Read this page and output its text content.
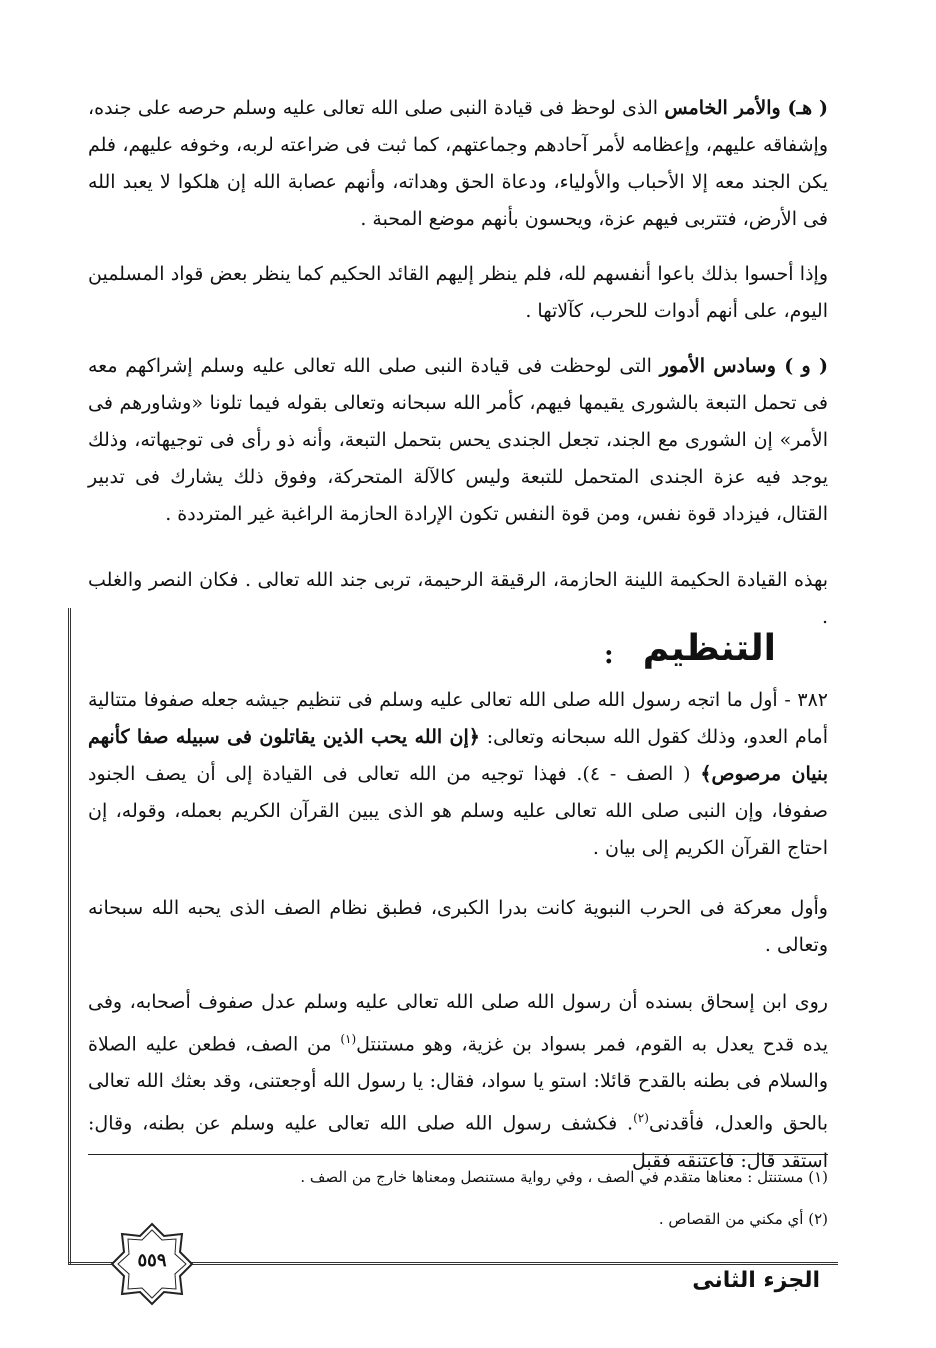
( هـ) والأمر الخامس الذى لوحظ فى قيادة النبى صلى الله تعالى عليه وسلم حرصه على جنده، وإشفاقه عليهم، وإعظامه لأمر آحادهم وجماعتهم، كما ثبت فى ضراعته لربه، وخوفه عليهم، فلم يكن الجند معه إلا الأحباب والأولياء، ودعاة الحق وهداته، وأنهم عصابة الله إن هلكوا لا يعبد الله فى الأرض، فتتربى فيهم عزة، ويحسون بأنهم موضع المحبة .

وإذا أحسوا بذلك باعوا أنفسهم لله، فلم ينظر إليهم القائد الحكيم كما ينظر بعض قواد المسلمين اليوم، على أنهم أدوات للحرب، كآلاتها .

( و ) وسادس الأمور التى لوحظت فى قيادة النبى صلى الله تعالى عليه وسلم إشراكهم معه فى تحمل التبعة بالشورى يقيمها فيهم، كأمر الله سبحانه وتعالى بقوله فيما تلونا «وشاورهم فى الأمر» إن الشورى مع الجند، تجعل الجندى يحس بتحمل التبعة، وأنه ذو رأى فى توجيهاته، وذلك يوجد فيه عزة الجندى المتحمل للتبعة وليس كالآلة المتحركة، وفوق ذلك يشارك فى تدبير القتال، فيزداد قوة نفس، ومن قوة النفس تكون الإرادة الحازمة الراغبة غير المترددة .

بهذه القيادة الحكيمة اللينة الحازمة، الرقيقة الرحيمة، تربى جند الله تعالى . فكان النصر والغلب .

التنظيم
:

٣٨٢ - أول ما اتجه رسول الله صلى الله تعالى عليه وسلم فى تنظيم جيشه جعله صفوفا متتالية أمام العدو، وذلك كقول الله سبحانه وتعالى: ﴿إن الله يحب الذين يقاتلون فى سبيله صفا كأنهم بنيان مرصوص﴾ ( الصف - ٤). فهذا توجيه من الله تعالى فى القيادة إلى أن يصف الجنود صفوفا، وإن النبى صلى الله تعالى عليه وسلم هو الذى يبين القرآن الكريم بعمله، وقوله، إن احتاج القرآن الكريم إلى بيان .

وأول معركة فى الحرب النبوية كانت بدرا الكبرى، فطبق نظام الصف الذى يحبه الله سبحانه وتعالى .

روى ابن إسحاق بسنده أن رسول الله صلى الله تعالى عليه وسلم عدل صفوف أصحابه، وفى يده قدح يعدل به القوم، فمر بسواد بن غزية، وهو مستنتل$^{(١)}$ من الصف، فطعن عليه الصلاة والسلام فى بطنه بالقدح قائلا: استو يا سواد، فقال: يا رسول الله أوجعتنى، وقد بعثك الله تعالى بالحق والعدل، فأقدنى$^{(٢)}$. فكشف رسول الله صلى الله تعالى عليه وسلم عن بطنه، وقال: استقد قال: فاعتنقه فقبل

(١) مستنتل : معناها متقدم في الصف ، وفي رواية مستنصل ومعناها خارج من الصف .

(٢) أي مكني من القصاص .

٥٥٩
الجزء الثانى
